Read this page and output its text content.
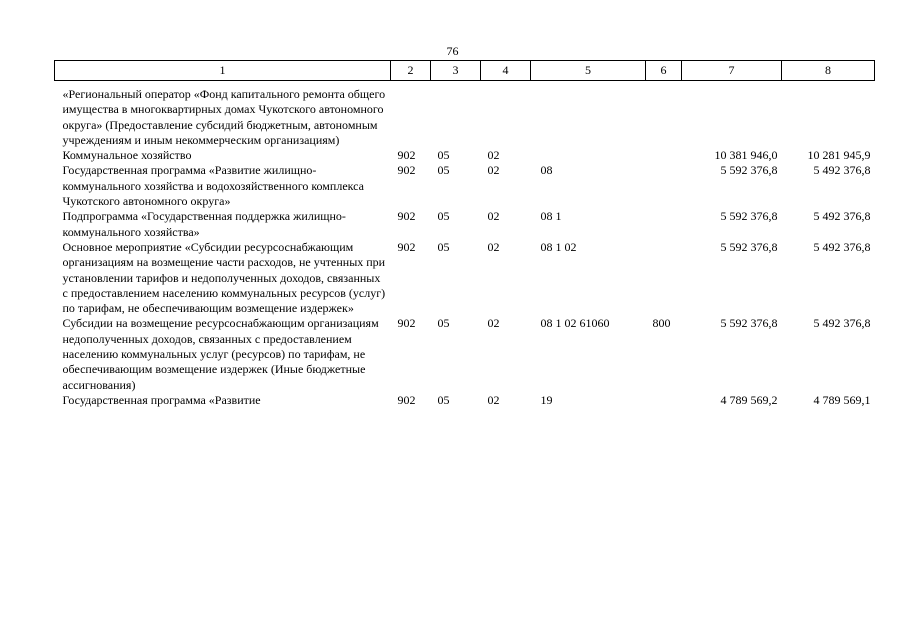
76
1	2	3	4	5	6	7	8
«Региональный оператор «Фонд капитального ремонта общего имущества в многоквартирных домах Чукотского автономного округа» (Предоставление субсидий бюджетным, автономным учреждениям и иным некоммерческим организациям)							
Коммунальное хозяйство	902	05	02			10 381 946,0	10 281 945,9
Государственная программа «Развитие жилищно-коммунального хозяйства и водохозяйственного комплекса Чукотского автономного округа»	902	05	02	08		5 592 376,8	5 492 376,8
Подпрограмма «Государственная поддержка жилищно-коммунального хозяйства»	902	05	02	08 1		5 592 376,8	5 492 376,8
Основное мероприятие «Субсидии ресурсоснабжающим организациям на возмещение части расходов, не учтенных при установлении тарифов и недополученных доходов, связанных с предоставлением населению коммунальных ресурсов (услуг) по тарифам, не обеспечивающим возмещение издержек»	902	05	02	08 1 02		5 592 376,8	5 492 376,8
Субсидии на возмещение ресурсоснабжающим организациям недополученных доходов, связанных с предоставлением населению коммунальных услуг (ресурсов) по тарифам, не обеспечивающим возмещение издержек (Иные бюджетные ассигнования)	902	05	02	08 1 02 61060	800	5 592 376,8	5 492 376,8
Государственная программа «Развитие	902	05	02	19		4 789 569,2	4 789 569,1
